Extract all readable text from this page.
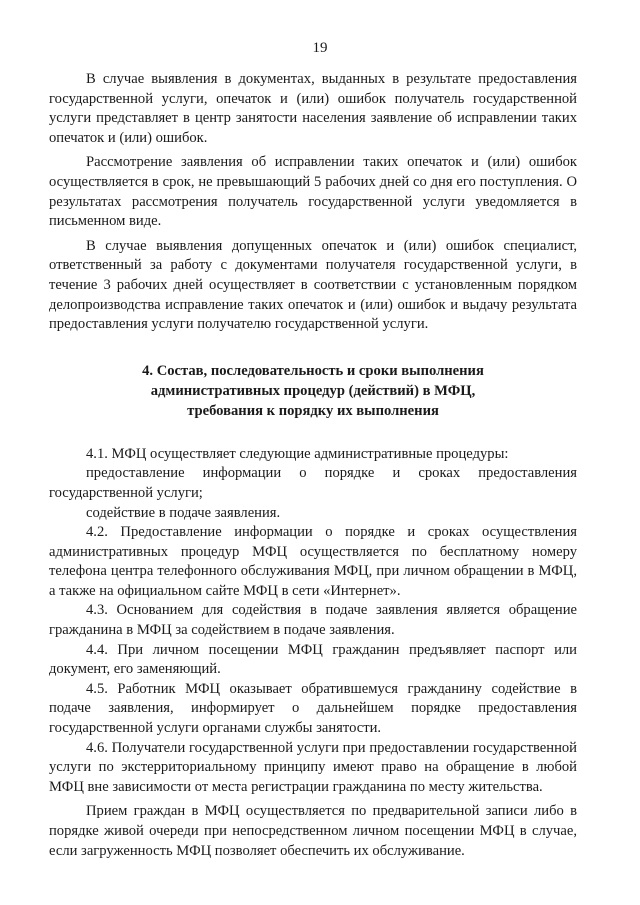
19

В случае выявления в документах, выданных в результате предоставления государственной услуги, опечаток и (или) ошибок получатель государственной услуги представляет в центр занятости населения заявление об исправлении таких опечаток и (или) ошибок.

Рассмотрение заявления об исправлении таких опечаток и (или) ошибок осуществляется в срок, не превышающий 5 рабочих дней со дня его поступления. О результатах рассмотрения получатель государственной услуги уведомляется в письменном виде.

В случае выявления допущенных опечаток и (или) ошибок специалист, ответственный за работу с документами получателя государственной услуги, в течение 3 рабочих дней осуществляет в соответствии с установленным порядком делопроизводства исправление таких опечаток и (или) ошибок и выдачу результата предоставления услуги получателю государственной услуги.

4. Состав, последовательность и сроки выполнения
административных процедур (действий) в МФЦ,
требования к порядку их выполнения

4.1. МФЦ осуществляет следующие административные процедуры:

предоставление информации о порядке и сроках предоставления государственной услуги;

содействие в подаче заявления.

4.2. Предоставление информации о порядке и сроках осуществления административных процедур МФЦ осуществляется по бесплатному номеру телефона центра телефонного обслуживания МФЦ, при личном обращении в МФЦ, а также на официальном сайте МФЦ в сети «Интернет».

4.3. Основанием для содействия в подаче заявления является обращение гражданина в МФЦ за содействием в подаче заявления.

4.4. При личном посещении МФЦ гражданин предъявляет паспорт или документ, его заменяющий.

4.5. Работник МФЦ оказывает обратившемуся гражданину содействие в подаче заявления, информирует о дальнейшем порядке предоставления государственной услуги органами службы занятости.

4.6. Получатели государственной услуги при предоставлении государственной услуги по экстерриториальному принципу имеют право на обращение в любой МФЦ вне зависимости от места регистрации гражданина по месту жительства.

Прием граждан в МФЦ осуществляется по предварительной записи либо в порядке живой очереди при непосредственном личном посещении МФЦ в случае, если загруженность МФЦ позволяет обеспечить их обслуживание.
